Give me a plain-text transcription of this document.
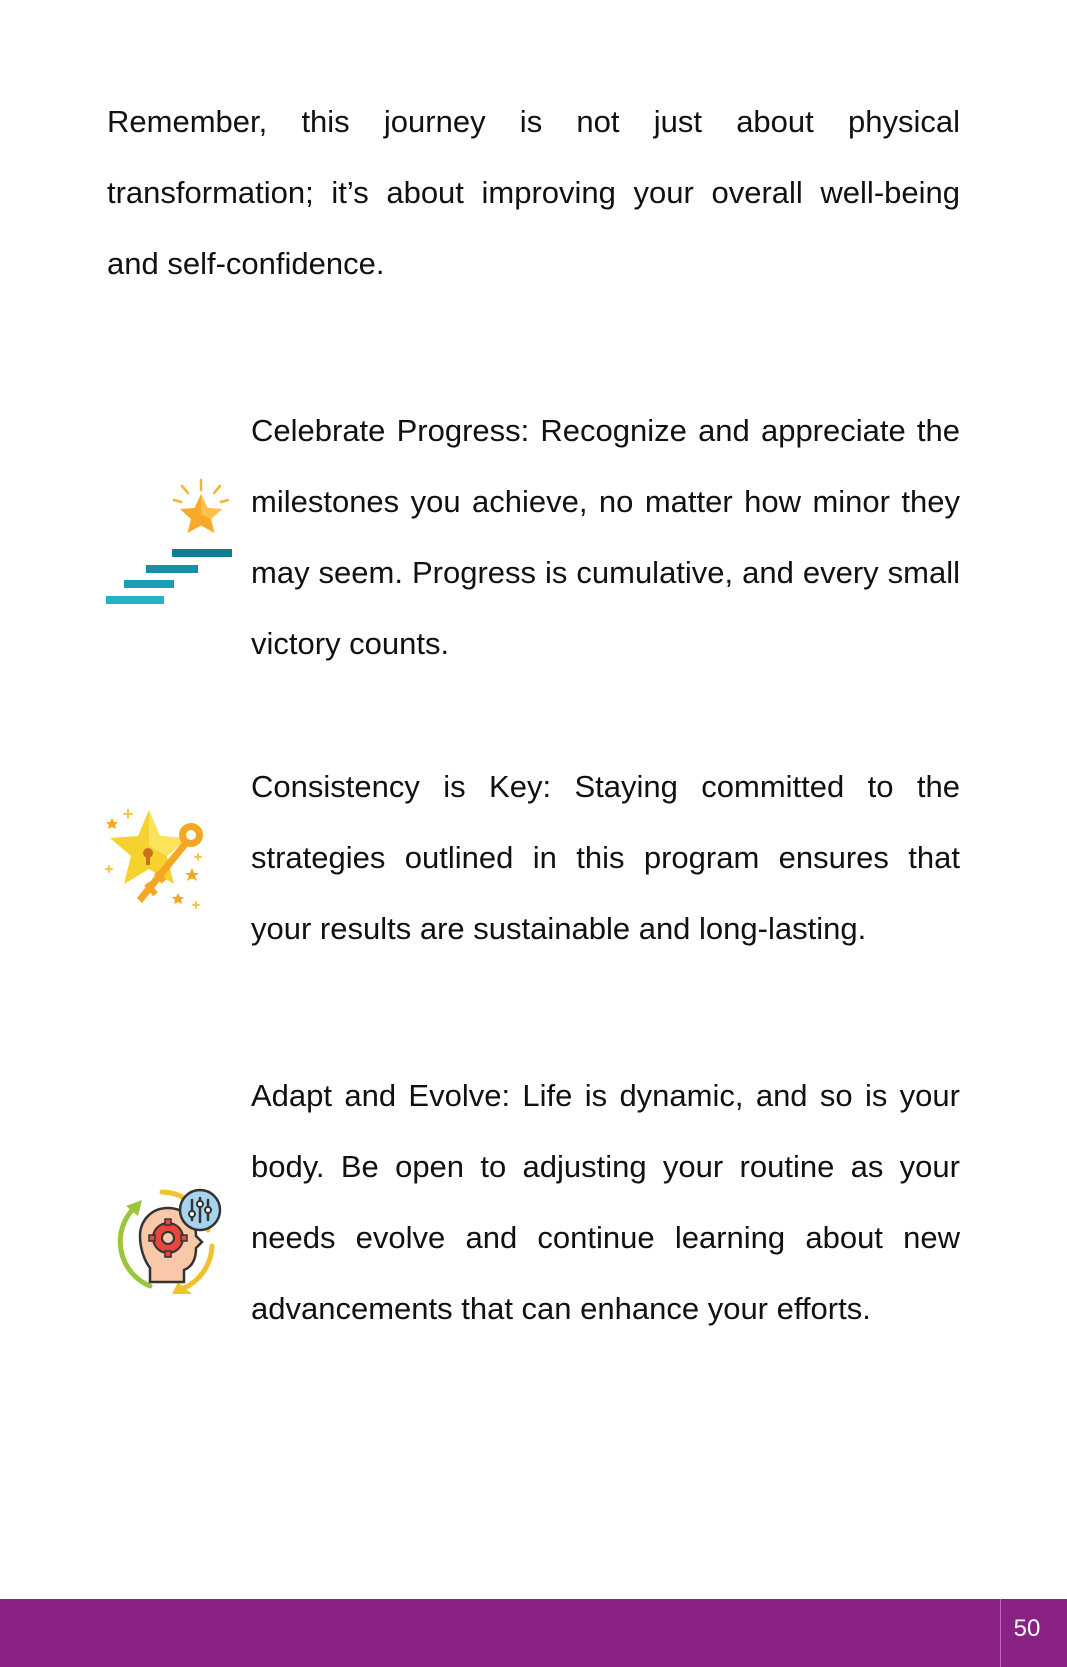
Remember, this journey is not just about physical transformation; it’s about improving your overall well-being and self-confidence.

Celebrate Progress: Recognize and appreciate the milestones you achieve, no matter how minor they may seem. Progress is cumulative, and every small victory counts.

Consistency is Key: Staying committed to the strategies outlined in this program ensures that your results are sustainable and long-lasting.

Adapt and Evolve: Life is dynamic, and so is your body. Be open to adjusting your routine as your needs evolve and continue learning about new advancements that can enhance your efforts.

50
